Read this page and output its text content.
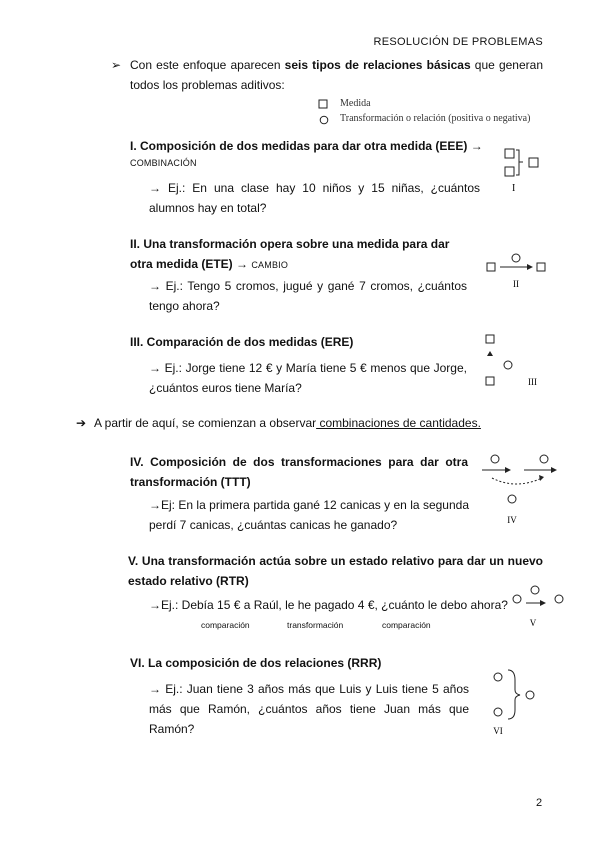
RESOLUCIÓN DE PROBLEMAS
➢ Con este enfoque aparecen seis tipos de relaciones básicas que generan todos los problemas aditivos:
Medida
Transformación o relación (positiva o negativa)
I. Composición de dos medidas para dar otra medida (EEE) →
COMBINACIÓN
→ Ej.: En una clase hay 10 niños y 15 niñas, ¿cuántos alumnos hay en total?
I
II. Una transformación opera sobre una medida para dar otra medida (ETE) → CAMBIO
→ Ej.: Tengo 5 cromos, jugué y gané 7 cromos, ¿cuántos tengo ahora?
II
III. Comparación de dos medidas (ERE)
→ Ej.: Jorge tiene 12 € y María tiene 5 € menos que Jorge, ¿cuántos euros tiene María?	III
➔ A partir de aquí, se comienzan a observar combinaciones de cantidades.
IV. Composición de dos transformaciones para dar otra transformación (TTT)
→Ej: En la primera partida gané 12 canicas y en la segunda perdí 7 canicas, ¿cuántas canicas he ganado?	IV
V. Una transformación actúa sobre un estado relativo para dar un nuevo estado relativo (RTR)
→Ej.: Debía 15 € a Raúl, le he pagado 4 €, ¿cuánto le debo ahora?
comparación	transformación	comparación	V
VI. La composición de dos relaciones (RRR)
→ Ej.: Juan tiene 3 años más que Luis y Luis tiene 5 años más que Ramón, ¿cuántos años tiene Juan más que Ramón?	VI
2
